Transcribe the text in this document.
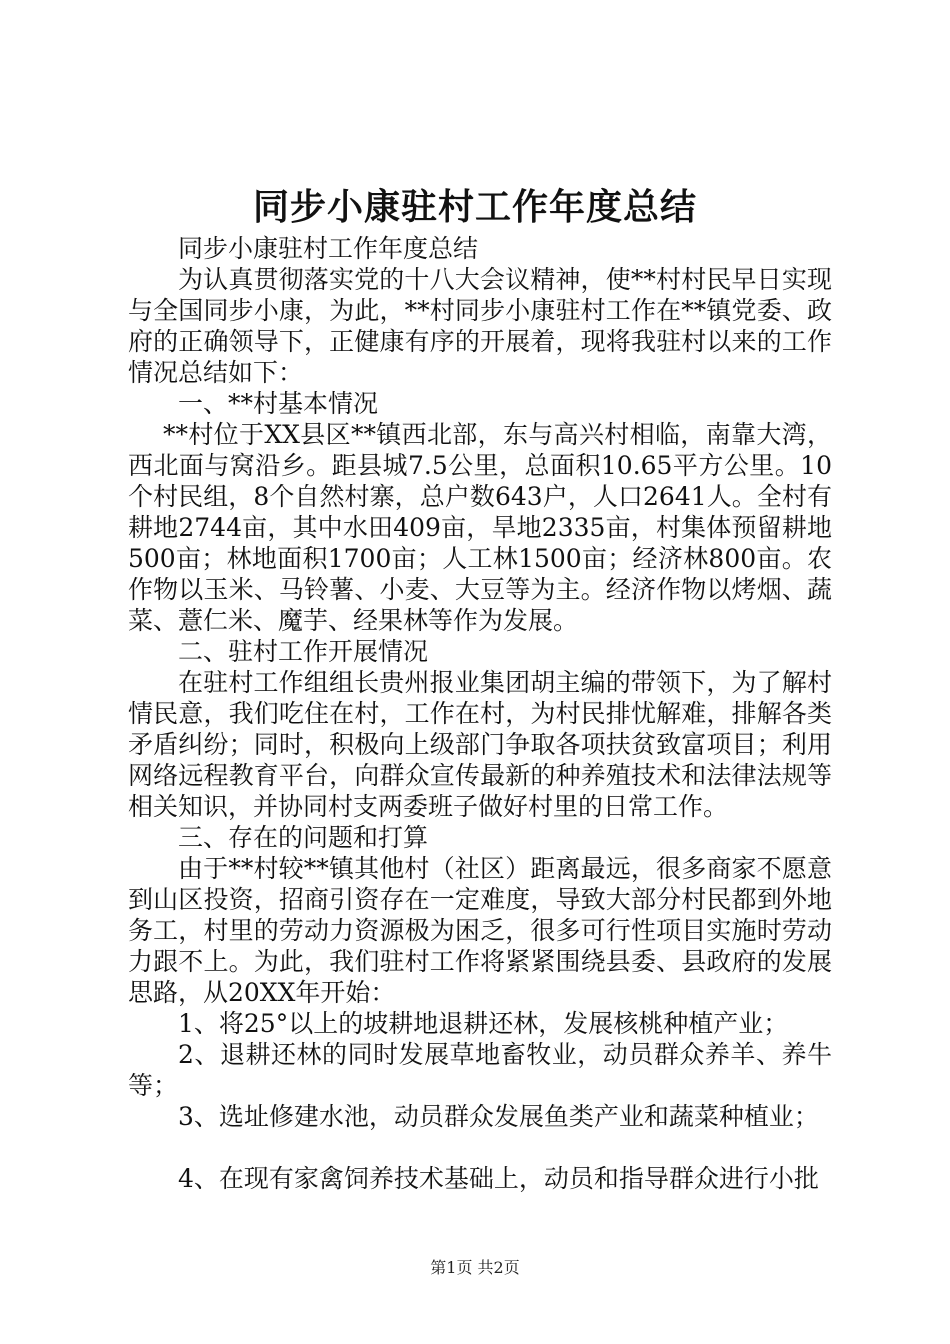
同步小康驻村工作年度总结

同步小康驻村工作年度总结

为认真贯彻落实党的十八大会议精神，使**村村民早日实现与全国同步小康，为此，**村同步小康驻村工作在**镇党委、政府的正确领导下，正健康有序的开展着，现将我驻村以来的工作情况总结如下：

一、**村基本情况

**村位于XX县区**镇西北部，东与高兴村相临，南靠大湾，西北面与窝沿乡。距县城7.5公里，总面积10.65平方公里。10个村民组，8个自然村寨，总户数643户，人口2641人。全村有耕地2744亩，其中水田409亩，旱地2335亩，村集体预留耕地500亩；林地面积1700亩；人工林1500亩；经济林800亩。农作物以玉米、马铃薯、小麦、大豆等为主。经济作物以烤烟、蔬菜、薏仁米、魔芋、经果林等作为发展。

二、驻村工作开展情况

在驻村工作组组长贵州报业集团胡主编的带领下，为了解村情民意，我们吃住在村，工作在村，为村民排忧解难，排解各类矛盾纠纷；同时，积极向上级部门争取各项扶贫致富项目；利用网络远程教育平台，向群众宣传最新的种养殖技术和法律法规等相关知识，并协同村支两委班子做好村里的日常工作。

三、存在的问题和打算

由于**村较**镇其他村（社区）距离最远，很多商家不愿意到山区投资，招商引资存在一定难度，导致大部分村民都到外地务工，村里的劳动力资源极为困乏，很多可行性项目实施时劳动力跟不上。为此，我们驻村工作将紧紧围绕县委、县政府的发展思路，从20XX年开始：

1、将25°以上的坡耕地退耕还林，发展核桃种植产业；

2、退耕还林的同时发展草地畜牧业，动员群众养羊、养牛等；

3、选址修建水池，动员群众发展鱼类产业和蔬菜种植业；

4、在现有家禽饲养技术基础上，动员和指导群众进行小批

第1页 共2页
